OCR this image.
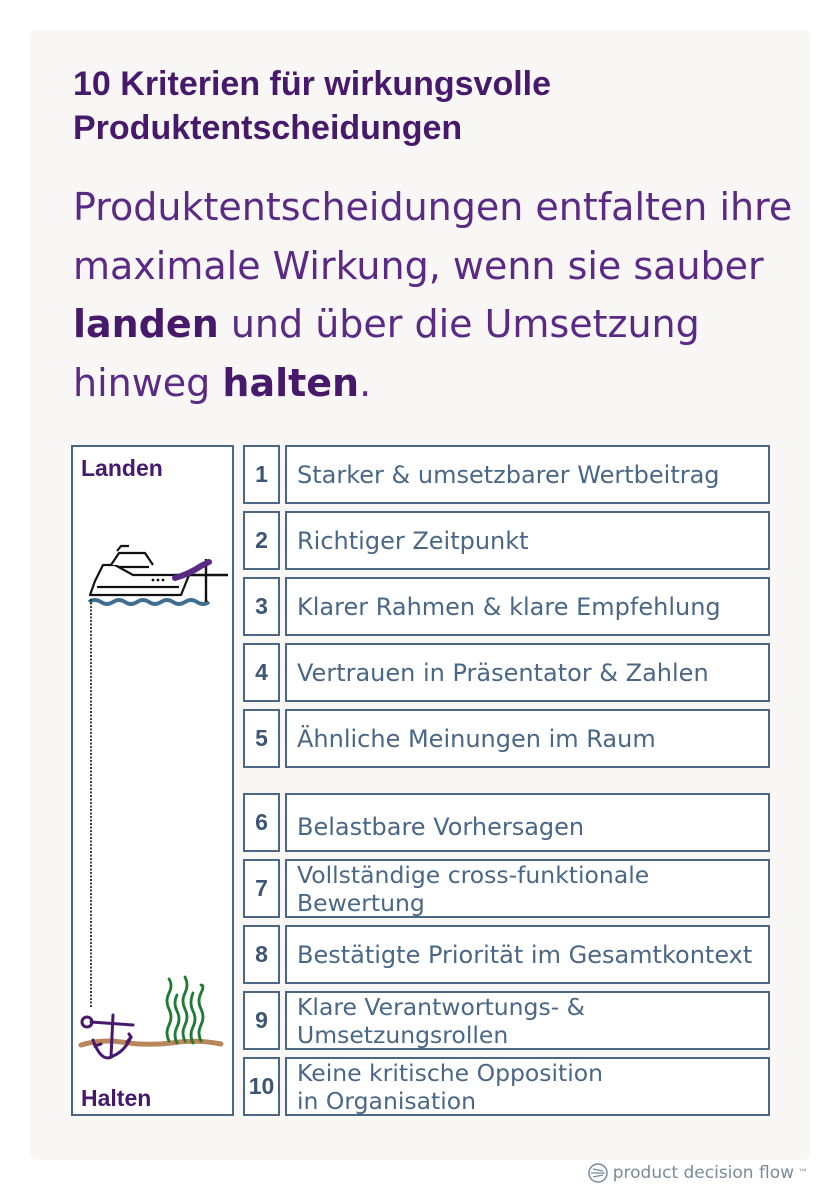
10 Kriterien für wirkungsvolle
Produktentscheidungen

Produktentscheidungen entfalten ihre maximale Wirkung, wenn sie sauber landen und über die Umsetzung hinweg halten.

Landen
Halten
1	Starker & umsetzbarer Wertbeitrag
2	Richtiger Zeitpunkt
3	Klarer Rahmen & klare Empfehlung
4	Vertrauen in Präsentator & Zahlen
5	Ähnliche Meinungen im Raum
6	Belastbare Vorhersagen
7	Vollständige cross-funktionale
Bewertung
8	Bestätigte Priorität im Gesamtkontext
9	Klare Verantwortungs- &
Umsetzungsrollen
10 Keine kritische Opposition
in Organisation
product decision flow ™
